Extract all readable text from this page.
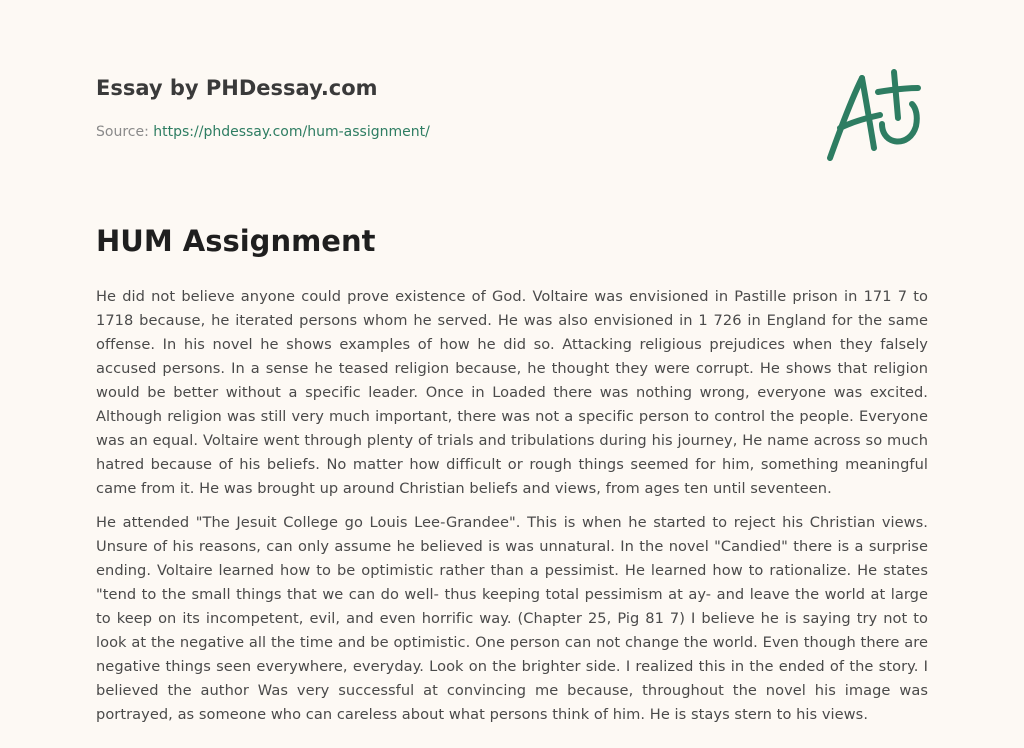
Essay by PHDessay.com
Source: https://phdessay.com/hum-assignment/
HUM Assignment

He did not believe anyone could prove existence of God. Voltaire was envisioned in Pastille prison in 171 7 to 1718 because, he iterated persons whom he served. He was also envisioned in 1 726 in England for the same offense. In his novel he shows examples of how he did so. Attacking religious prejudices when they falsely accused persons. In a sense he teased religion because, he thought they were corrupt. He shows that religion would be better without a specific leader. Once in Loaded there was nothing wrong, everyone was excited. Although religion was still very much important, there was not a specific person to control the people. Everyone was an equal. Voltaire went through plenty of trials and tribulations during his journey, He name across so much hatred because of his beliefs. No matter how difficult or rough things seemed for him, something meaningful came from it. He was brought up around Christian beliefs and views, from ages ten until seventeen.

He attended "The Jesuit College go Louis Lee-Grandee". This is when he started to reject his Christian views. Unsure of his reasons, can only assume he believed is was unnatural. In the novel "Candied" there is a surprise ending. Voltaire learned how to be optimistic rather than a pessimist. He learned how to rationalize. He states "tend to the small things that we can do well- thus keeping total pessimism at ay- and leave the world at large to keep on its incompetent, evil, and even horrific way. (Chapter 25, Pig 81 7) I believe he is saying try not to look at the negative all the time and be optimistic. One person can not change the world. Even though there are negative things seen everywhere, everyday. Look on the brighter side. I realized this in the ended of the story. I believed the author Was very successful at convincing me because, throughout the novel his image was portrayed, as someone who can careless about what persons think of him. He is stays stern to his views.
